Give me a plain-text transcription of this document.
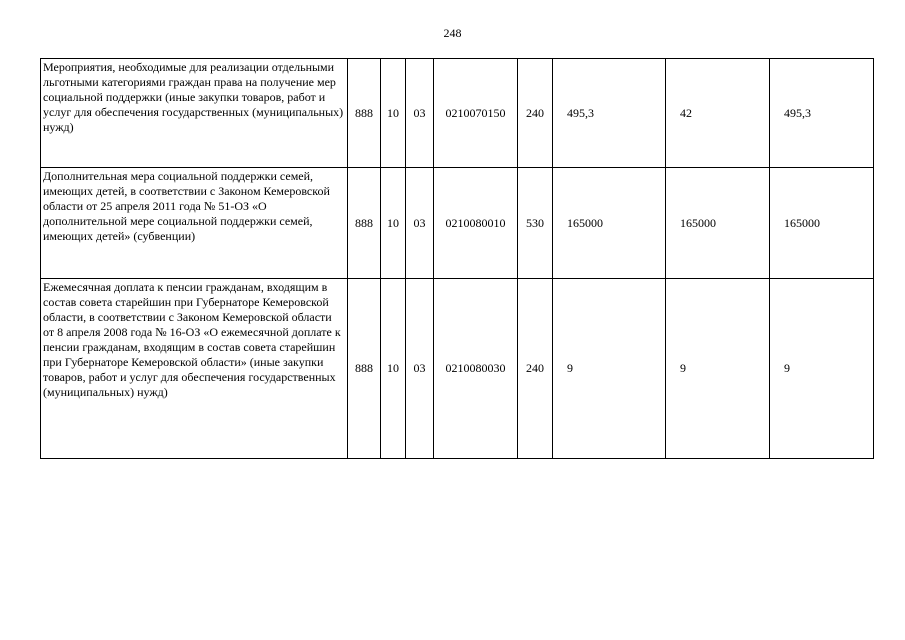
248
Мероприятия, необходимые для реализации отдельными льготными категориями граждан права на получение мер социальной поддержки (иные закупки товаров, работ и услуг для обеспечения государственных (муниципальных) нужд)	888	10	03	0210070150	240	495,3	42	495,3
Дополнительная мера социальной поддержки семей, имеющих детей, в соответствии с Законом Кемеровской области от 25 апреля 2011 года № 51-ОЗ «О дополнительной мере социальной поддержки семей, имеющих детей» (субвенции)	888	10	03	0210080010	530	165000	165000	165000
Ежемесячная доплата к пенсии гражданам, входящим в состав совета старейшин при Губернаторе Кемеровской области, в соответствии с Законом Кемеровской области от 8 апреля 2008 года № 16-ОЗ «О ежемесячной доплате к пенсии гражданам, входящим в состав совета старейшин при Губернаторе Кемеровской области» (иные закупки товаров, работ и услуг для обеспечения государственных (муниципальных) нужд)	888	10	03	0210080030	240	9	9	9
